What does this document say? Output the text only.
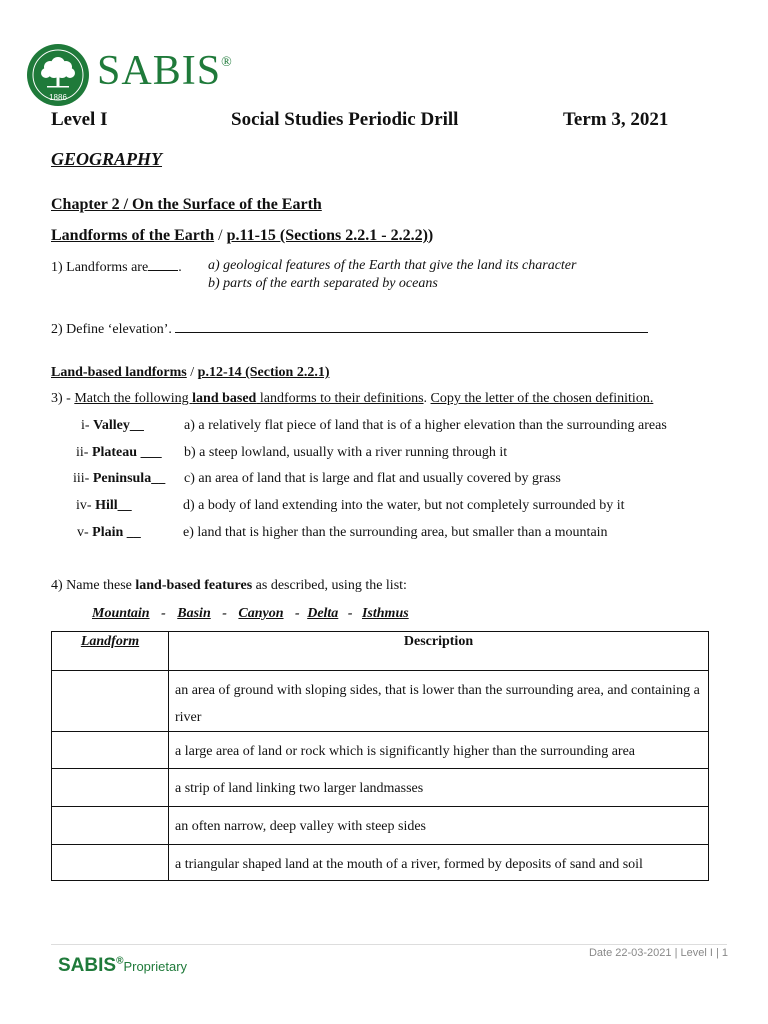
1886
SABIS®
Level I	Social Studies Periodic Drill	Term 3, 2021
GEOGRAPHY
Chapter 2 / On the Surface of the Earth
Landforms of the Earth / p.11-15 (Sections 2.2.1 - 2.2.2))
1) Landforms are . a) geological features of the Earth that give the land its character
b) parts of the earth separated by oceans
2) Define ‘elevation’.
Land-based landforms / p.12-14 (Section 2.2.1)
3) - Match the following land based landforms to their definitions. Copy the letter of the chosen definition.
i- Valley__	a) a relatively flat piece of land that is of a higher elevation than the surrounding areas
ii- Plateau ___ b) a steep lowland, usually with a river running through it
iii- Peninsula__ c) an area of land that is large and flat and usually covered by grass
iv- Hill__	d) a body of land extending into the water, but not completely surrounded by it
v- Plain __	e) land that is higher than the surrounding area, but smaller than a mountain
4) Name these land-based features as described, using the list:
Mountain - Basin - Canyon - Delta - Isthmus
Landform	Description
	an area of ground with sloping sides, that is lower than the surrounding area, and containing a river
	a large area of land or rock which is significantly higher than the surrounding area
	a strip of land linking two larger landmasses
	an often narrow, deep valley with steep sides
	a triangular shaped land at the mouth of a river, formed by deposits of sand and soil
SABIS®Proprietary
Date 22-03-2021 | Level I | 1
